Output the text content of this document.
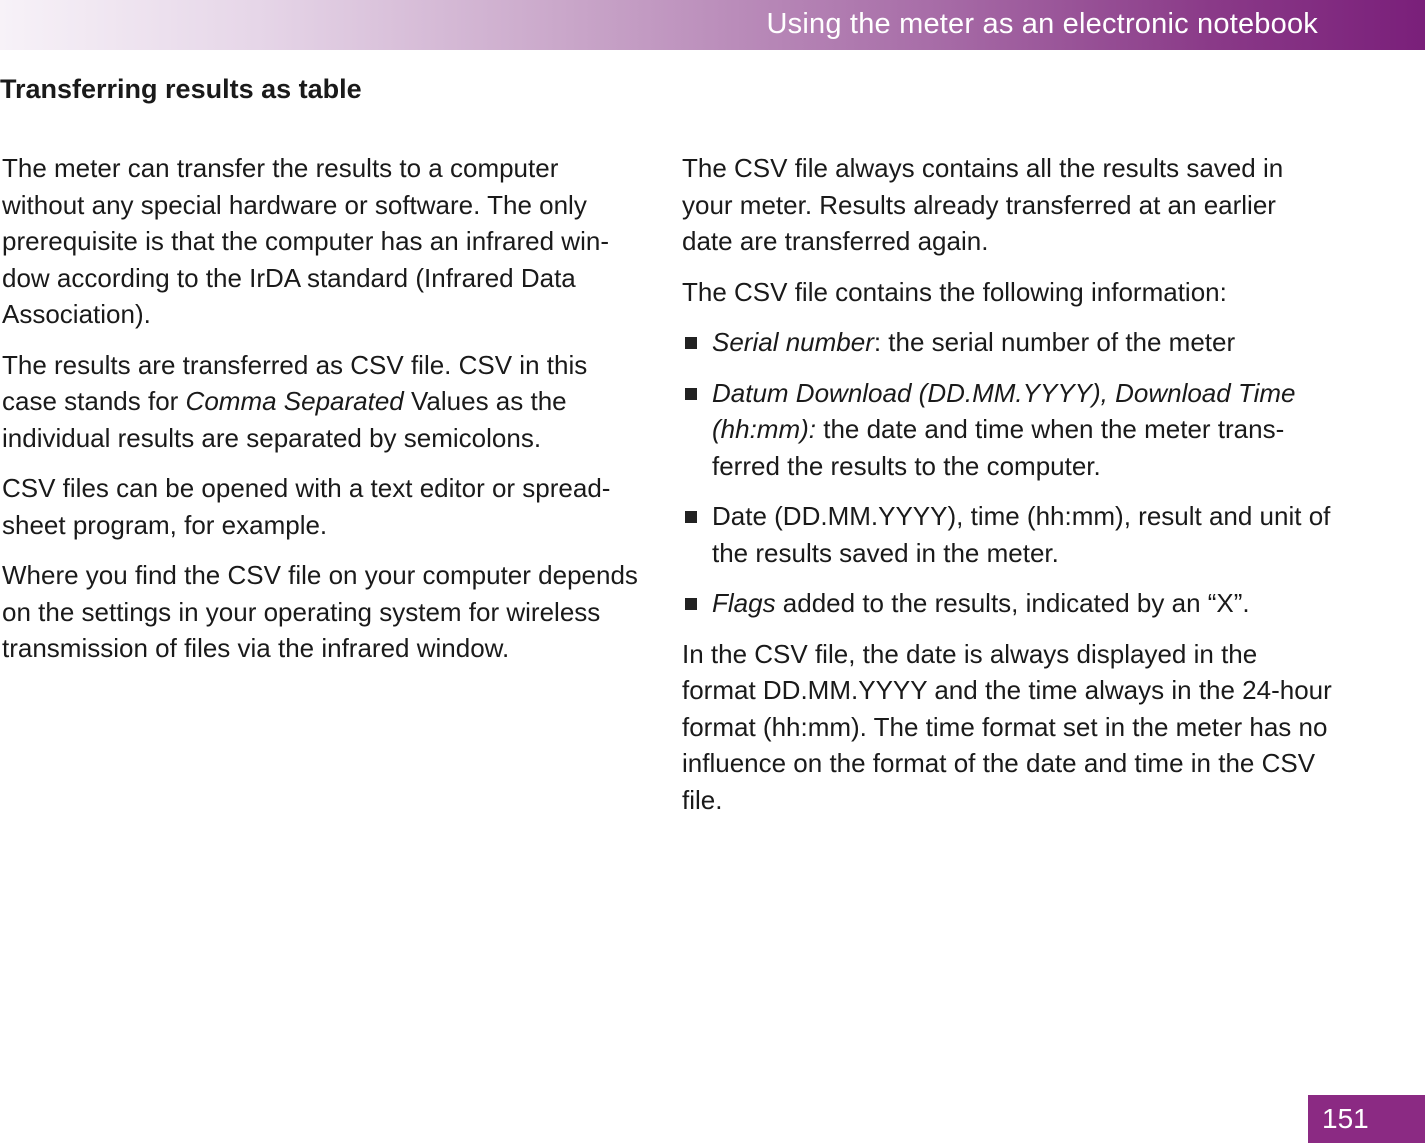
Using the meter as an electronic notebook
Transferring results as table

The meter can transfer the results to a computer without any special hardware or software. The only prerequisite is that the computer has an infrared win-dow according to the IrDA standard (Infrared Data Association).

The results are transferred as CSV file. CSV in this case stands for Comma Separated Values as the individual results are separated by semicolons.

CSV files can be opened with a text editor or spread-sheet program, for example.

Where you find the CSV file on your computer depends on the settings in your operating system for wireless transmission of files via the infrared window.

The CSV file always contains all the results saved in your meter. Results already transferred at an earlier date are transferred again.

The CSV file contains the following information:

Serial number: the serial number of the meter
Datum Download (DD.MM.YYYY), Download Time (hh:mm): the date and time when the meter trans-ferred the results to the computer.
Date (DD.MM.YYYY), time (hh:mm), result and unit of the results saved in the meter.
Flags added to the results, indicated by an “X”.

In the CSV file, the date is always displayed in the format DD.MM.YYYY and the time always in the 24-hour format (hh:mm). The time format set in the meter has no influence on the format of the date and time in the CSV file.

151
